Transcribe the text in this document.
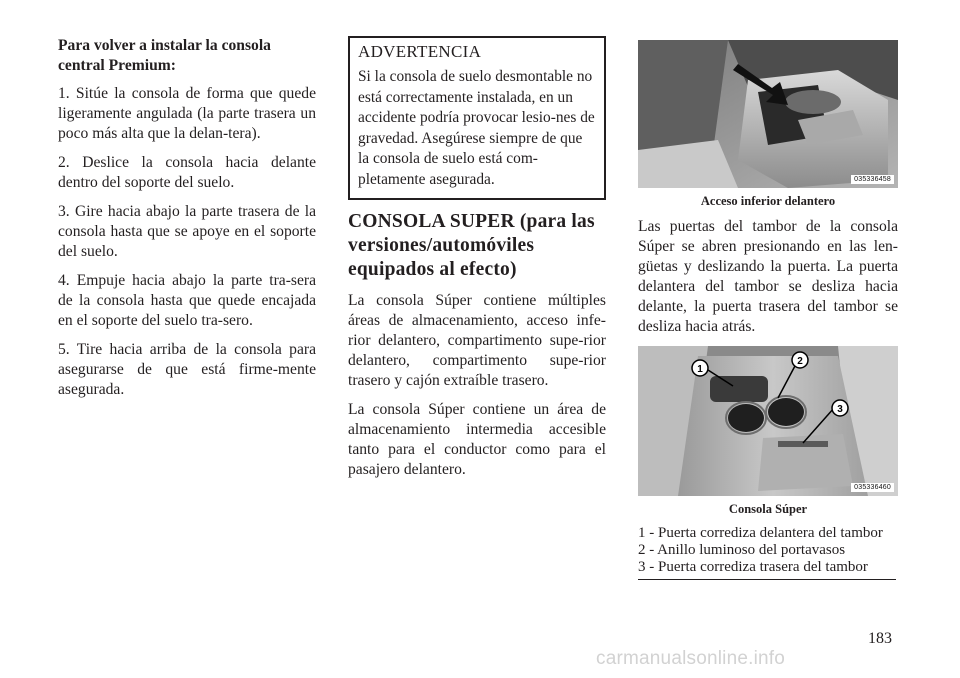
Para volver a instalar la consola central Premium:

1. Sitúe la consola de forma que quede ligeramente angulada (la parte trasera un poco más alta que la delan-tera).

2. Deslice la consola hacia delante dentro del soporte del suelo.

3. Gire hacia abajo la parte trasera de la consola hasta que se apoye en el soporte del suelo.

4. Empuje hacia abajo la parte tra-sera de la consola hasta que quede encajada en el soporte del suelo tra-sero.

5. Tire hacia arriba de la consola para asegurarse de que está firme-mente asegurada.

ADVERTENCIA

Si la consola de suelo desmontable no está correctamente instalada, en un accidente podría provocar lesio-nes de gravedad. Asegúrese siempre de que la consola de suelo está com-pletamente asegurada.

CONSOLA SUPER (para las versiones/automóviles equipados al efecto)

La consola Súper contiene múltiples áreas de almacenamiento, acceso infe-rior delantero, compartimento supe-rior delantero, compartimento supe-rior trasero y cajón extraíble trasero.

La consola Súper contiene un área de almacenamiento intermedia accesible tanto para el conductor como para el pasajero delantero.

035336458
Acceso inferior delantero

Las puertas del tambor de la consola Súper se abren presionando en las len-güetas y deslizando la puerta. La puerta delantera del tambor se desliza hacia delante, la puerta trasera del tambor se desliza hacia atrás.

1
2
3
035336460
Consola Súper
1 - Puerta corrediza delantera del tambor
2 - Anillo luminoso del portavasos
3 - Puerta corrediza trasera del tambor
183
carmanualsonline.info
